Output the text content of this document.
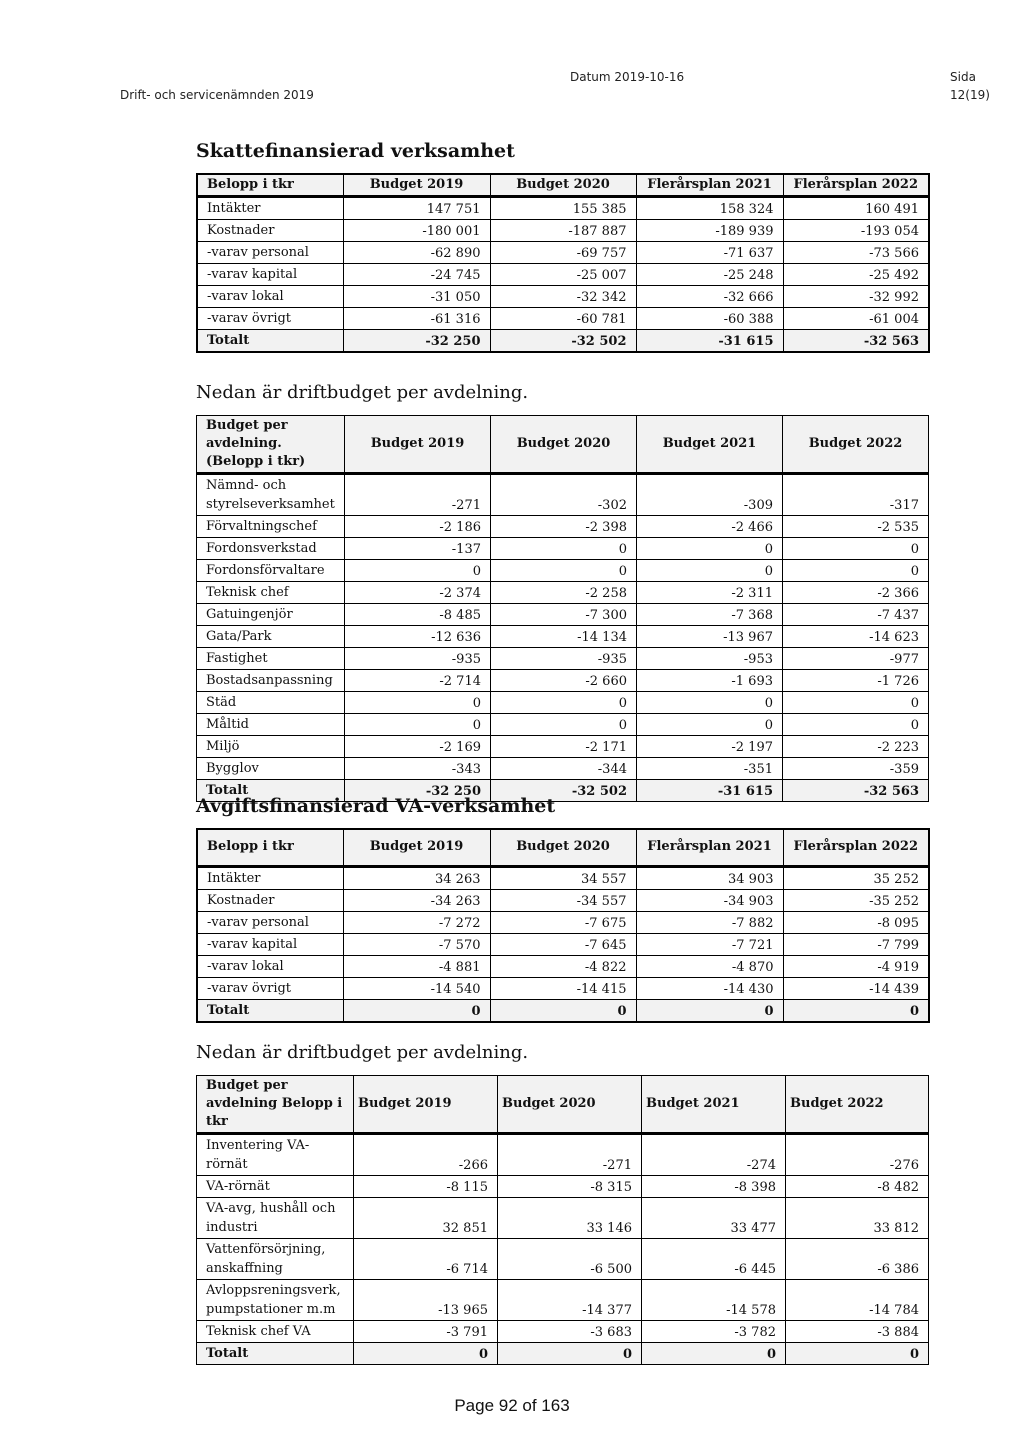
Drift- och servicenämnden 2019
Datum 2019-10-16	Sida
12(19)
Skattefinansierad verksamhet
Belopp i tkr	Budget 2019	Budget 2020	Flerårsplan 2021	Flerårsplan 2022
Intäkter	147 751	155 385	158 324	160 491
Kostnader	-180 001	-187 887	-189 939	-193 054
-varav personal	-62 890	-69 757	-71 637	-73 566
-varav kapital	-24 745	-25 007	-25 248	-25 492
-varav lokal	-31 050	-32 342	-32 666	-32 992
-varav övrigt	-61 316	-60 781	-60 388	-61 004
Totalt	-32 250	-32 502	-31 615	-32 563

Nedan är driftbudget per avdelning.

Budget per avdelning. (Belopp i tkr)	Budget 2019	Budget 2020	Budget 2021	Budget 2022
Nämnd- och styrelseverksamhet	-271	-302	-309	-317
Förvaltningschef	-2 186	-2 398	-2 466	-2 535
Fordonsverkstad	-137	0	0	0
Fordonsförvaltare	0	0	0	0
Teknisk chef	-2 374	-2 258	-2 311	-2 366
Gatuingenjör	-8 485	-7 300	-7 368	-7 437
Gata/Park	-12 636	-14 134	-13 967	-14 623
Fastighet	-935	-935	-953	-977
Bostadsanpassning	-2 714	-2 660	-1 693	-1 726
Städ	0	0	0	0
Måltid	0	0	0	0
Miljö	-2 169	-2 171	-2 197	-2 223
Bygglov	-343	-344	-351	-359
Totalt	-32 250	-32 502	-31 615	-32 563
Avgiftsfinansierad VA-verksamhet
Belopp i tkr	Budget 2019	Budget 2020	Flerårsplan 2021	Flerårsplan 2022
Intäkter	34 263	34 557	34 903	35 252
Kostnader	-34 263	-34 557	-34 903	-35 252
-varav personal	-7 272	-7 675	-7 882	-8 095
-varav kapital	-7 570	-7 645	-7 721	-7 799
-varav lokal	-4 881	-4 822	-4 870	-4 919
-varav övrigt	-14 540	-14 415	-14 430	-14 439
Totalt	0	0	0	0

Nedan är driftbudget per avdelning.

Budget per avdelning Belopp i tkr	Budget 2019	Budget 2020	Budget 2021	Budget 2022
Inventering VA-rörnät	-266	-271	-274	-276
VA-rörnät	-8 115	-8 315	-8 398	-8 482
VA-avg, hushåll och industri	32 851	33 146	33 477	33 812
Vattenförsörjning, anskaffning	-6 714	-6 500	-6 445	-6 386
Avloppsreningsverk, pumpstationer m.m	-13 965	-14 377	-14 578	-14 784
Teknisk chef VA	-3 791	-3 683	-3 782	-3 884
Totalt	0	0	0	0
Page 92 of 163
